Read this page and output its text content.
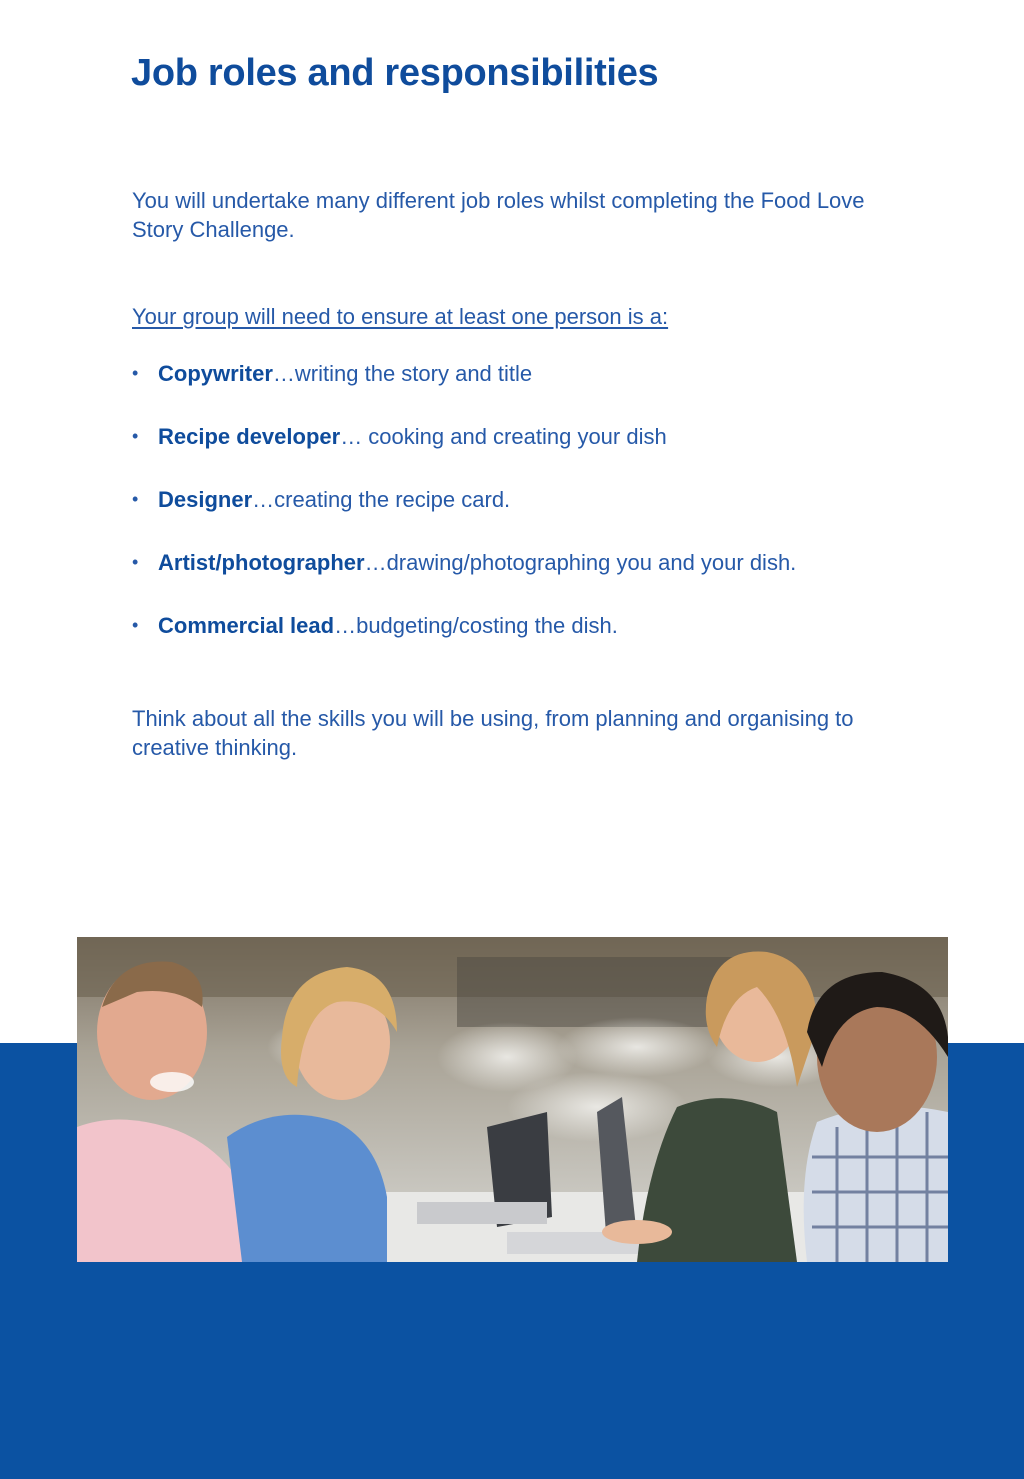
Job roles and responsibilities

You will undertake many different job roles whilst completing the Food Love Story Challenge.

Your group will need to ensure at least one person is a:

• Copywriter…writing the story and title
• Recipe developer… cooking and creating your dish
• Designer…creating the recipe card.
• Artist/photographer…drawing/photographing you and your dish.
• Commercial lead…budgeting/costing the dish.

Think about all the skills you will be using, from planning and organising to creative thinking.
